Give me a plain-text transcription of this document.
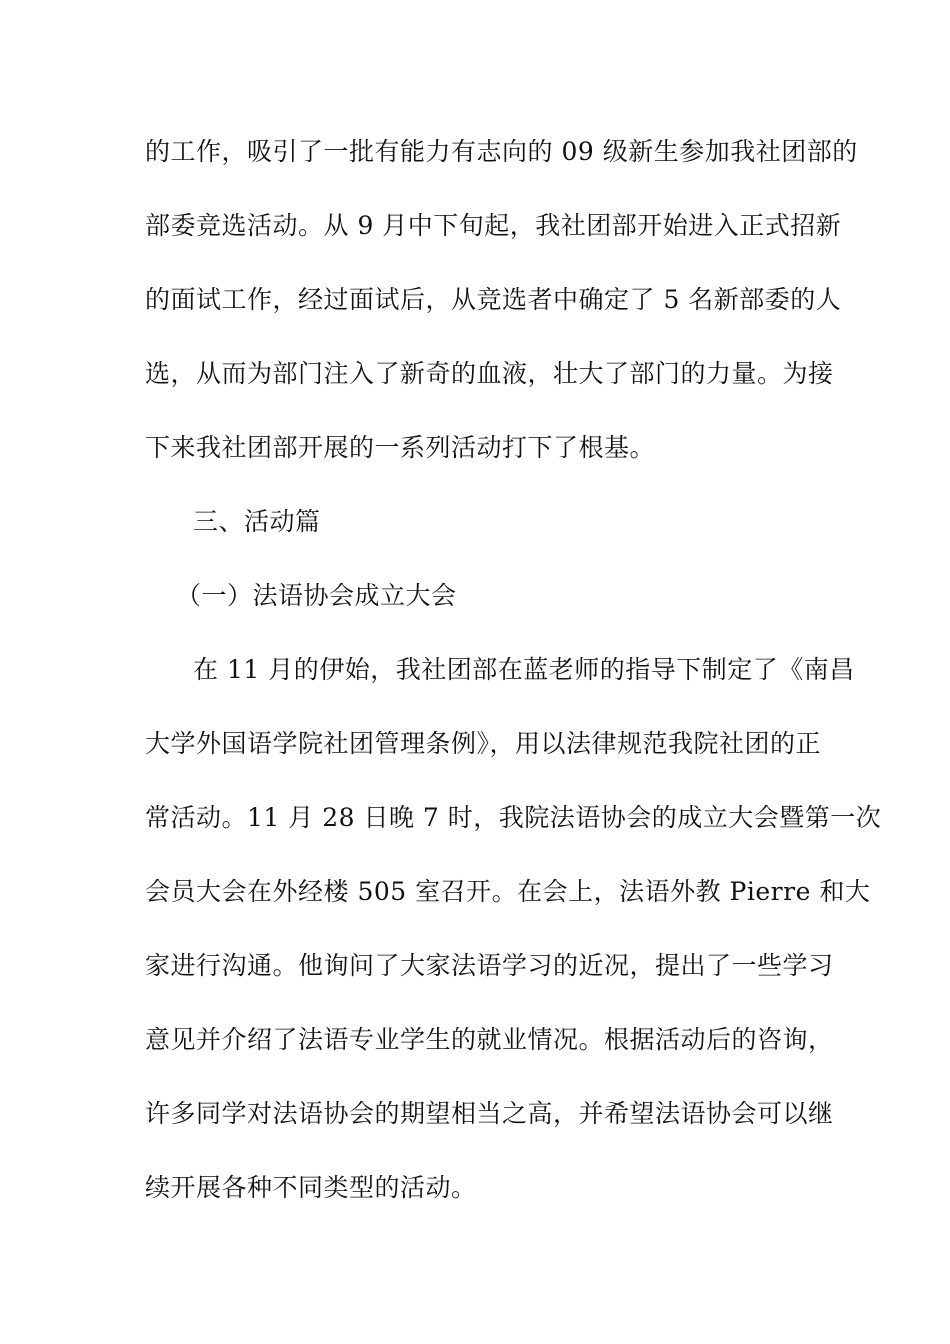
的工作，吸引了一批有能力有志向的 09 级新生参加我社团部的
部委竞选活动。从 9 月中下旬起，我社团部开始进入正式招新
的面试工作，经过面试后，从竞选者中确定了 5 名新部委的人
选，从而为部门注入了新奇的血液，壮大了部门的力量。为接
下来我社团部开展的一系列活动打下了根基。
三、活动篇
（一）法语协会成立大会
在 11 月的伊始，我社团部在蓝老师的指导下制定了《南昌
大学外国语学院社团管理条例》，用以法律规范我院社团的正
常活动。11 月 28 日晚 7 时，我院法语协会的成立大会暨第一次
会员大会在外经楼 505 室召开。在会上，法语外教 Pierre 和大
家进行沟通。他询问了大家法语学习的近况，提出了一些学习
意见并介绍了法语专业学生的就业情况。根据活动后的咨询，
许多同学对法语协会的期望相当之高，并希望法语协会可以继
续开展各种不同类型的活动。
